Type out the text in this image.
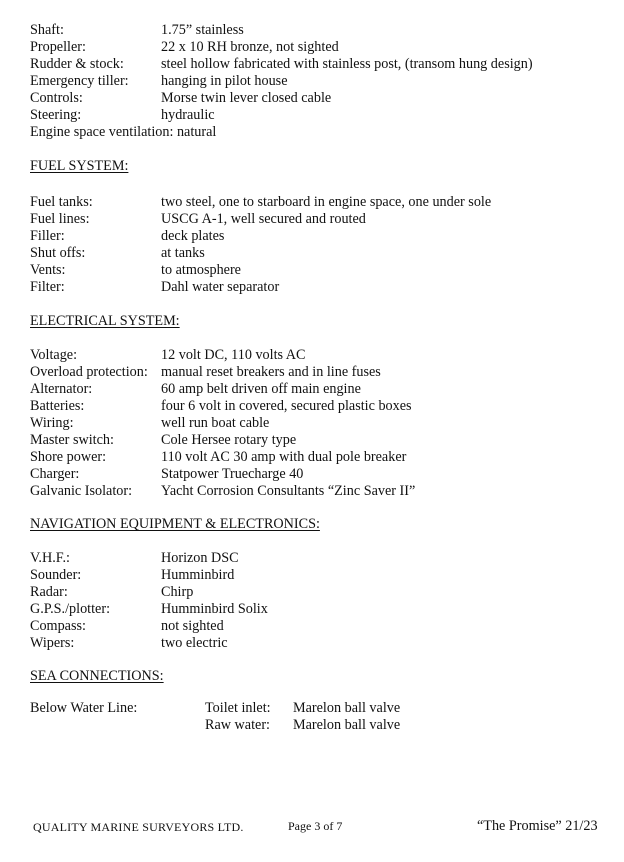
Shaft:	1.75” stainless
Propeller:	22 x 10 RH bronze, not sighted
Rudder & stock:	steel hollow fabricated with stainless post, (transom hung design)
Emergency tiller: hanging in pilot house
Controls:	Morse twin lever closed cable
Steering:	hydraulic
Engine space ventilation: natural
FUEL SYSTEM:
Fuel tanks:	two steel, one to starboard in engine space, one under sole
Fuel lines:	USCG A-1, well secured and routed
Filler:	deck plates
Shut offs:	at tanks
Vents:	to atmosphere
Filter:	Dahl water separator
ELECTRICAL SYSTEM:
Voltage:	12 volt DC, 110 volts AC
Overload protection: manual reset breakers and in line fuses
Alternator:	60 amp belt driven off main engine
Batteries:	four 6 volt in covered, secured plastic boxes
Wiring:	well run boat cable
Master switch:	Cole Hersee rotary type
Shore power:	110 volt AC 30 amp with dual pole breaker
Charger:	Statpower Truecharge 40
Galvanic Isolator: Yacht Corrosion Consultants “Zinc Saver II”
NAVIGATION EQUIPMENT & ELECTRONICS:
V.H.F.:	Horizon DSC
Sounder:	Humminbird
Radar:	Chirp
G.P.S./plotter:	Humminbird Solix
Compass:	not sighted
Wipers:	two electric
SEA CONNECTIONS:
Below Water Line:	Toilet inlet: Marelon ball valve
Raw water: Marelon ball valve
QUALITY MARINE SURVEYORS LTD.	Page 3 of 7	“The Promise” 21/23
